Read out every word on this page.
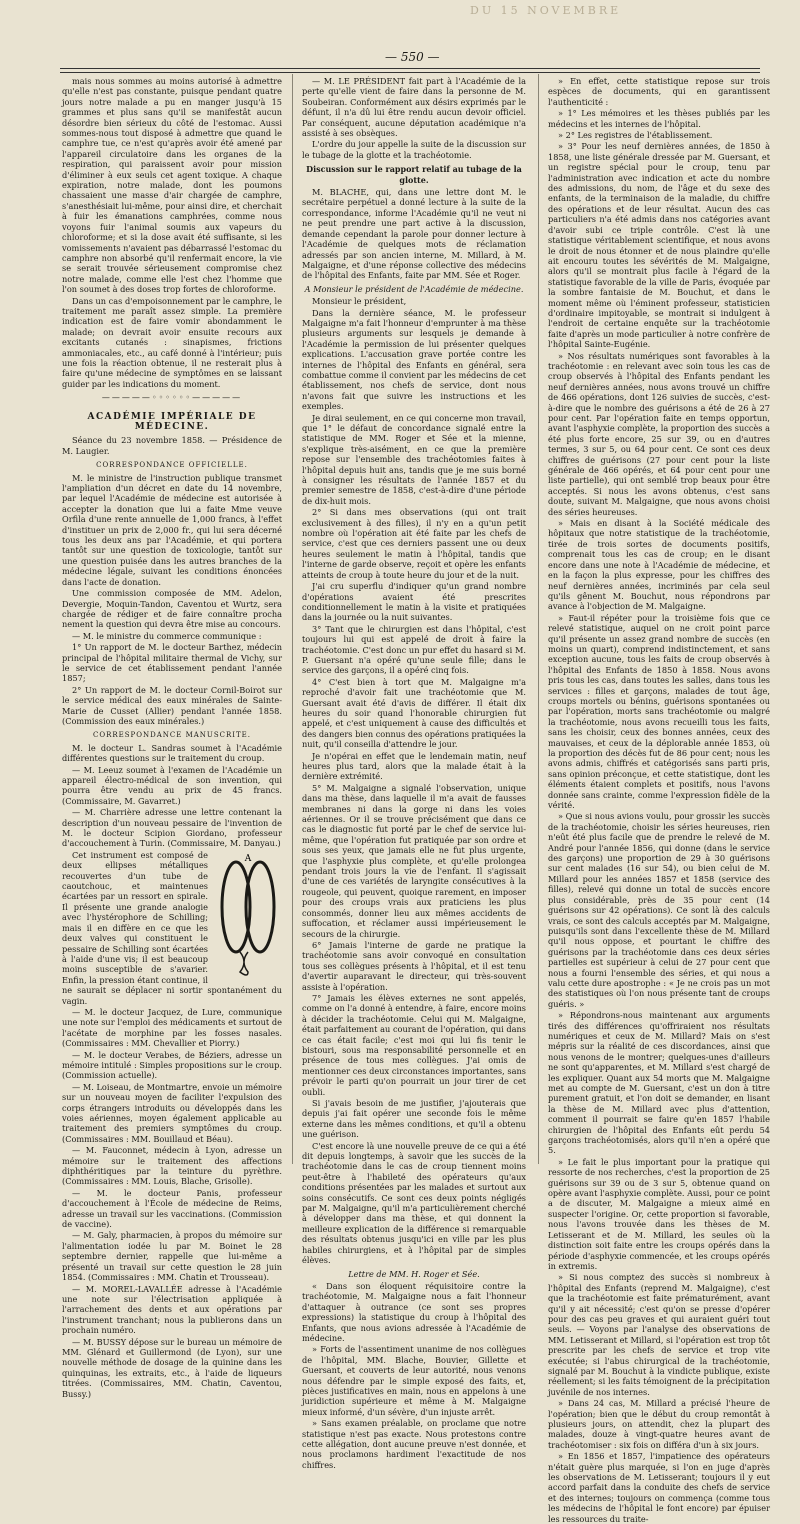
DU 15 NOVEMBRE
— 550 —

mais nous sommes au moins autorisé à admettre qu'elle n'est pas constante, puisque pendant quatre jours notre malade a pu en manger jusqu'à 15 grammes et plus sans qu'il se manifestât aucun désordre bien sérieux du côté de l'estomac. Aussi sommes-nous tout disposé à admettre que quand le camphre tue, ce n'est qu'après avoir été amené par l'appareil circulatoire dans les organes de la respiration, qui paraissent avoir pour mission d'éliminer à eux seuls cet agent toxique. A chaque expiration, notre malade, dont les poumons chassaient une masse d'air chargée de camphre, s'anesthésiait lui-même, pour ainsi dire, et cherchait à fuir les émanations camphrées, comme nous voyons fuir l'animal soumis aux vapeurs du chloroforme; et si la dose avait été suffisante, si les vomissements n'avaient pas débarrassé l'estomac du camphre non absorbé qu'il renfermait encore, la vie se serait trouvée sérieusement compromise chez notre malade, comme elle l'est chez l'homme que l'on soumet à des doses trop fortes de chloroforme.

Dans un cas d'empoisonnement par le camphre, le traitement me paraît assez simple. La première indication est de faire vomir abondamment le malade; on devrait avoir ensuite recours aux excitants cutanés : sinapismes, frictions ammoniacales, etc., au café donné à l'intérieur; puis une fois la réaction obtenue, il ne resterait plus à faire qu'une médecine de symptômes en se laissant guider par les indications du moment.

—————◦◦◦◦◦◦—————
ACADÉMIE IMPÉRIALE DE MÉDECINE.

Séance du 23 novembre 1858. — Présidence de M. Laugier.

CORRESPONDANCE OFFICIELLE.

M. le ministre de l'instruction publique transmet l'ampliation d'un décret en date du 14 novembre, par lequel l'Académie de médecine est autorisée à accepter la donation que lui a faite Mme veuve Orfila d'une rente annuelle de 1,000 francs, à l'effet d'instituer un prix de 2,000 fr., qui lui sera décerné tous les deux ans par l'Académie, et qui portera tantôt sur une question de toxicologie, tantôt sur une question puisée dans les autres branches de la médecine légale, suivant les conditions énoncées dans l'acte de donation.

Une commission composée de MM. Adelon, Devergie, Moquin-Tandon, Caventou et Wurtz, sera chargée de rédiger et de faire connaître procha nement la question qui devra être mise au concours.

— M. le ministre du commerce communique :

1° Un rapport de M. le docteur Barthez, médecin principal de l'hôpital militaire thermal de Vichy, sur le service de cet établissement pendant l'année 1857;

2° Un rapport de M. le docteur Cornil-Boirot sur le service médical des eaux minérales de Sainte-Marie de Cusset (Allier) pendant l'année 1858. (Commission des eaux minérales.)

CORRESPONDANCE MANUSCRITE.

M. le docteur L. Sandras soumet à l'Académie différentes questions sur le traitement du croup.

— M. Leeuz soumet à l'examen de l'Académie un appareil électro-médical de son invention, qui pourra être vendu au prix de 45 francs. (Commissaire, M. Gavarret.)

— M. Charrière adresse une lettre contenant la description d'un nouveau pessaire de l'invention de M. le docteur Scipion Giordano, professeur d'accouchement à Turin. (Commissaire, M. Danyau.)

A

Cet instrument est composé de deux ellipses métalliques recouvertes d'un tube de caoutchouc, et maintenues écartées par un ressort en spirale. Il présente une grande analogie avec l'hystérophore de Schilling; mais il en diffère en ce que les deux valves qui constituent le pessaire de Schilling sont écartées à l'aide d'une vis; il est beaucoup moins susceptible de s'avarier. Enfin, la pression étant continue, il ne saurait se déplacer ni sortir spontanément du vagin.

— M. le docteur Jacquez, de Lure, communique une note sur l'emploi des médicaments et surtout de l'acétate de morphine par les fosses nasales. (Commissaires : MM. Chevallier et Piorry.)

— M. le docteur Verabes, de Béziers, adresse un mémoire intitulé : Simples propositions sur le croup. (Commission actuelle).

— M. Loiseau, de Montmartre, envoie un mémoire sur un nouveau moyen de faciliter l'expulsion des corps étrangers introduits ou développés dans les voies aériennes, moyen également applicable au traitement des premiers symptômes du croup. (Commissaires : MM. Bouillaud et Béau).

— M. Fauconnet, médecin à Lyon, adresse un mémoire sur le traitement des affections diphthéritiques par la teinture du pyrèthre. (Commissaires : MM. Louis, Blache, Grisolle).

— M. le docteur Panis, professeur d'accouchement à l'École de médecine de Reims, adresse un travail sur les vaccinations. (Commission de vaccine).

— M. Galy, pharmacien, à propos du mémoire sur l'alimentation iodée lu par M. Boinet le 28 septembre dernier, rappelle que lui-même a présenté un travail sur cette question le 28 juin 1854. (Commissaires : MM. Chatin et Trousseau).

— M. MOREL-LAVALLÉE adresse à l'Académie une note sur l'électrisation appliquée à l'arrachement des dents et aux opérations par l'instrument tranchant; nous la publierons dans un prochain numéro.

— M. BUSSY dépose sur le bureau un mémoire de MM. Glénard et Guillermond (de Lyon), sur une nouvelle méthode de dosage de la quinine dans les quinquinas, les extraits, etc., à l'aide de liqueurs titrées. (Commissaires, MM. Chatin, Caventou, Bussy.)

— M. LE PRÉSIDENT fait part à l'Académie de la perte qu'elle vient de faire dans la personne de M. Soubeiran. Conformément aux désirs exprimés par le défunt, il n'a dû lui être rendu aucun devoir officiel. Par conséquent, aucune députation académique n'a assisté à ses obsèques.

L'ordre du jour appelle la suite de la discussion sur le tubage de la glotte et la trachéotomie.

Discussion sur le rapport relatif au tubage de la glotte.

M. BLACHE, qui, dans une lettre dont M. le secrétaire perpétuel a donné lecture à la suite de la correspondance, informe l'Académie qu'il ne veut ni ne peut prendre une part active à la discussion, demande cependant la parole pour donner lecture à l'Académie de quelques mots de réclamation adressés par son ancien interne, M. Millard, à M. Malgaigne, et d'une réponse collective des médecins de l'hôpital des Enfants, faite par MM. Sée et Roger.

A Monsieur le président de l'Académie de médecine.

Monsieur le président,

Dans la dernière séance, M. le professeur Malgaigne m'a fait l'honneur d'emprunter à ma thèse plusieurs arguments sur lesquels je demande à l'Académie la permission de lui présenter quelques explications. L'accusation grave portée contre les internes de l'hôpital des Enfants en général, sera combattue comme il convient par les médecins de cet établissement, nos chefs de service, dont nous n'avons fait que suivre les instructions et les exemples.

Je dirai seulement, en ce qui concerne mon travail, que 1° le défaut de concordance signalé entre la statistique de MM. Roger et Sée et la mienne, s'explique très-aisément, en ce que la première repose sur l'ensemble des trachéotomies faites à l'hôpital depuis huit ans, tandis que je me suis borné à consigner les résultats de l'année 1857 et du premier semestre de 1858, c'est-à-dire d'une période de dix-huit mois.

2° Si dans mes observations (qui ont trait exclusivement à des filles), il n'y en a qu'un petit nombre où l'opération ait été faite par les chefs de service, c'est que ces derniers passent une ou deux heures seulement le matin à l'hôpital, tandis que l'interne de garde observe, reçoit et opère les enfants atteints de croup à toute heure du jour et de la nuit.

J'ai cru superflu d'indiquer qu'un grand nombre d'opérations avaient été prescrites conditionnellement le matin à la visite et pratiquées dans la journée ou la nuit suivantes.

3° Tant que le chirurgien est dans l'hôpital, c'est toujours lui qui est appelé de droit à faire la trachéotomie. C'est donc un pur effet du hasard si M. P. Guersant n'a opéré qu'une seule fille; dans le service des garçons, il a opéré cinq fois.

4° C'est bien à tort que M. Malgaigne m'a reproché d'avoir fait une trachéotomie que M. Guersant avait été d'avis de différer. Il était dix heures du soir quand l'honorable chirurgien fut appelé, et c'est uniquement à cause des difficultés et des dangers bien connus des opérations pratiquées la nuit, qu'il conseilla d'attendre le jour.

Je n'opérai en effet que le lendemain matin, neuf heures plus tard, alors que la malade était à la dernière extrémité.

5° M. Malgaigne a signalé l'observation, unique dans ma thèse, dans laquelle il m'a avait de fausses membranes ni dans la gorge ni dans les voies aériennes. Or il se trouve précisément que dans ce cas le diagnostic fut porté par le chef de service lui-même, que l'opération fut pratiquée par son ordre et sous ses yeux, que jamais elle ne fut plus urgente, que l'asphyxie plus complète, et qu'elle prolongea pendant trois jours la vie de l'enfant. Il s'agissait d'une de ces variétés de laryngite consécutives à la rougeole, qui peuvent, quoique rarement, en imposer pour des croups vrais aux praticiens les plus consommés, donner lieu aux mêmes accidents de suffocation, et réclamer aussi impérieusement le secours de la chirurgie.

6° Jamais l'interne de garde ne pratique la trachéotomie sans avoir convoqué en consultation tous ses collègues présents à l'hôpital, et il est tenu d'avertir auparavant le directeur, qui très-souvent assiste à l'opération.

7° Jamais les élèves externes ne sont appelés, comme on l'a donné à entendre, à faire, encore moins à décider la trachéotomie. Celui qui M. Malgaigne, était parfaitement au courant de l'opération, qui dans ce cas était facile; c'est moi qui lui fis tenir le bistouri, sous ma responsabilité personnelle et en présence de tous mes collègues. J'ai omis de mentionner ces deux circonstances importantes, sans prévoir le parti qu'on pourrait un jour tirer de cet oubli.

Si j'avais besoin de me justifier, j'ajouterais que depuis j'ai fait opérer une seconde fois le même externe dans les mêmes conditions, et qu'il a obtenu une guérison.

C'est encore là une nouvelle preuve de ce qui a été dit depuis longtemps, à savoir que les succès de la trachéotomie dans le cas de croup tiennent moins peut-être à l'habileté des opérateurs qu'aux conditions présentées par les malades et surtout aux soins consécutifs. Ce sont ces deux points négligés par M. Malgaigne, qu'il m'a particulièrement cherché à développer dans ma thèse, et qui donnent la meilleure explication de la différence si remarquable des résultats obtenus jusqu'ici en ville par les plus habiles chirurgiens, et à l'hôpital par de simples élèves.

Lettre de MM. H. Roger et Sée.

« Dans son éloquent réquisitoire contre la trachéotomie, M. Malgaigne nous a fait l'honneur d'attaquer à outrance (ce sont ses propres expressions) la statistique du croup à l'hôpital des Enfants, que nous avions adressée à l'Académie de médecine.

» Forts de l'assentiment unanime de nos collègues de l'hôpital, MM. Blache, Bouvier, Gillette et Guersant, et couverts de leur autorité, nous venons nous défendre par le simple exposé des faits, et, pièces justificatives en main, nous en appelons à une juridiction supérieure et même à M. Malgaigne mieux informé, d'un sévère, d'un injuste arrêt.

» Sans examen préalable, on proclame que notre statistique n'est pas exacte. Nous protestons contre cette allégation, dont aucune preuve n'est donnée, et nous proclamons hardiment l'exactitude de nos chiffres.

» En effet, cette statistique repose sur trois espèces de documents, qui en garantissent l'authenticité :

» 1° Les mémoires et les thèses publiés par les médecins et les internes de l'hôpital.

» 2° Les registres de l'établissement.

» 3° Pour les neuf dernières années, de 1850 à 1858, une liste générale dressée par M. Guersant, et un registre spécial pour le croup, tenu par l'administration avec indication et acte du nombre des admissions, du nom, de l'âge et du sexe des enfants, de la terminaison de la maladie, du chiffre des opérations et de leur résultat. Aucun des cas particuliers n'a été admis dans nos catégories avant d'avoir subi ce triple contrôle. C'est là une statistique véritablement scientifique, et nous avons le droit de nous étonner et de nous plaindre qu'elle ait encouru toutes les sévérités de M. Malgaigne, alors qu'il se montrait plus facile à l'égard de la statistique favorable de la ville de Paris, évoquée par la sombre fantaisie de M. Bouchut, et dans le moment même où l'éminent professeur, statisticien d'ordinaire impitoyable, se montrait si indulgent à l'endroit de certaine enquête sur la trachéotomie faite d'après un mode particulier à notre confrère de l'hôpital Sainte-Eugénie.

» Nos résultats numériques sont favorables à la trachéotomie : en relevant avec soin tous les cas de croup observés à l'hôpital des Enfants pendant les neuf dernières années, nous avons trouvé un chiffre de 466 opérations, dont 126 suivies de succès, c'est-à-dire que le nombre des guérisons a été de 26 à 27 pour cent. Par l'opération faite en temps opportun, avant l'asphyxie complète, la proportion des succès a été plus forte encore, 25 sur 39, ou en d'autres termes, 3 sur 5, ou 64 pour cent. Ce sont ces deux chiffres de guérisons (27 pour cent pour la liste générale de 466 opérés, et 64 pour cent pour une liste partielle), qui ont semblé trop beaux pour être acceptés. Si nous les avons obtenus, c'est sans doute, suivant M. Malgaigne, que nous avons choisi des séries heureuses.

» Mais en disant à la Société médicale des hôpitaux que notre statistique de la trachéotomie, tirée de trois sortes de documents positifs, comprenait tous les cas de croup; en le disant encore dans une note à l'Académie de médecine, et en la façon la plus expresse, pour les chiffres des neuf dernières années, incriminés par cela seul qu'ils gênent M. Bouchut, nous répondrons par avance à l'objection de M. Malgaigne.

» Faut-il répéter pour la troisième fois que ce relevé statistique, auquel on ne croit point parce qu'il présente un assez grand nombre de succès (en moins un quart), comprend indistinctement, et sans exception aucune, tous les faits de croup observés à l'hôpital des Enfants de 1850 à 1858. Nous avons pris tous les cas, dans toutes les salles, dans tous les services : filles et garçons, malades de tout âge, croups mortels ou bénins, guérisons spontanées ou par l'opération, morts sans trachéotomie ou malgré la trachéotomie, nous avons recueilli tous les faits, sans les choisir, ceux des bonnes années, ceux des mauvaises, et ceux de la déplorable année 1853, où la proportion des décès fut de 86 pour cent; nous les avons admis, chiffrés et catégorisés sans parti pris, sans opinion préconçue, et cette statistique, dont les éléments étaient complets et positifs, nous l'avons donnée sans crainte, comme l'expression fidèle de la vérité.

» Que si nous avions voulu, pour grossir les succès de la trachéotomie, choisir les séries heureuses, rien n'eût été plus facile que de prendre le relevé de M. André pour l'année 1856, qui donne (dans le service des garçons) une proportion de 29 à 30 guérisons sur cent malades (16 sur 54), ou bien celui de M. Millard pour les années 1857 et 1858 (service des filles), relevé qui donne un total de succès encore plus considérable, près de 35 pour cent (14 guérisons sur 42 opérations). Ce sont là des calculs vrais, ce sont des calculs acceptés par M. Malgaigne, puisqu'ils sont dans l'excellente thèse de M. Millard qu'il nous oppose, et pourtant le chiffre des guérisons par la trachéotomie dans ces deux séries partielles est supérieur à celui de 27 pour cent que nous a fourni l'ensemble des séries, et qui nous a valu cette dure apostrophe : « Je ne crois pas un mot des statistiques où l'on nous présente tant de croups guéris. »

» Répondrons-nous maintenant aux arguments tirés des différences qu'offriraient nos résultats numériques et ceux de M. Millard? Mais on s'est mépris sur la réalité de ces discordances, ainsi que nous venons de le montrer; quelques-unes d'ailleurs ne sont qu'apparentes, et M. Millard s'est chargé de les expliquer. Quant aux 54 morts que M. Malgaigne met au compte de M. Guersant, c'est un don à titre purement gratuit, et l'on doit se demander, en lisant la thèse de M. Millard avec plus d'attention, comment il pourrait se faire qu'en 1857 l'habile chirurgien de l'hôpital des Enfants eût perdu 54 garçons trachéotomisés, alors qu'il n'en a opéré que 5.

» Le fait le plus important pour la pratique qui ressorte de nos recherches, c'est la proportion de 25 guérisons sur 39 ou de 3 sur 5, obtenue quand on opère avant l'asphyxie complète. Aussi, pour ce point a de discuter, M. Malgaigne a mieux aimé en suspecter l'origine. Or, cette proportion si favorable, nous l'avons trouvée dans les thèses de M. Letisserant et de M. Millard, les seules où la distinction soit faite entre les croups opérés dans la période d'asphyxie commencée, et les croups opérés in extremis.

» Si nous comptez des succès si nombreux à l'hôpital des Enfants (reprend M. Malgaigne), c'est que la trachéotomie est faite prématurément, avant qu'il y ait nécessité; c'est qu'on se presse d'opérer pour des cas peu graves et qui auraient guéri tout seuls. — Voyons par l'analyse des observations de MM. Letisserant et Millard, si l'opération est trop tôt prescrite par les chefs de service et trop vite exécutée; si l'abus chirurgical de la trachéotomie, signalé par M. Bouchut à la vindicte publique, existe réellement; si les faits témoignent de la précipitation juvénile de nos internes.

» Dans 24 cas, M. Millard a précisé l'heure de l'opération; bien que le début du croup remontât à plusieurs jours, on attendit, chez la plupart des malades, douze à vingt-quatre heures avant de trachéotomiser : six fois on différa d'un à six jours.

» En 1856 et 1857, l'impatience des opérateurs n'était guère plus marquée, si l'on en juge d'après les observations de M. Letisserant; toujours il y eut accord parfait dans la conduite des chefs de service et des internes; toujours on commença (comme tous les médecins de l'hôpital le font encore) par épuiser les ressources du traite-
